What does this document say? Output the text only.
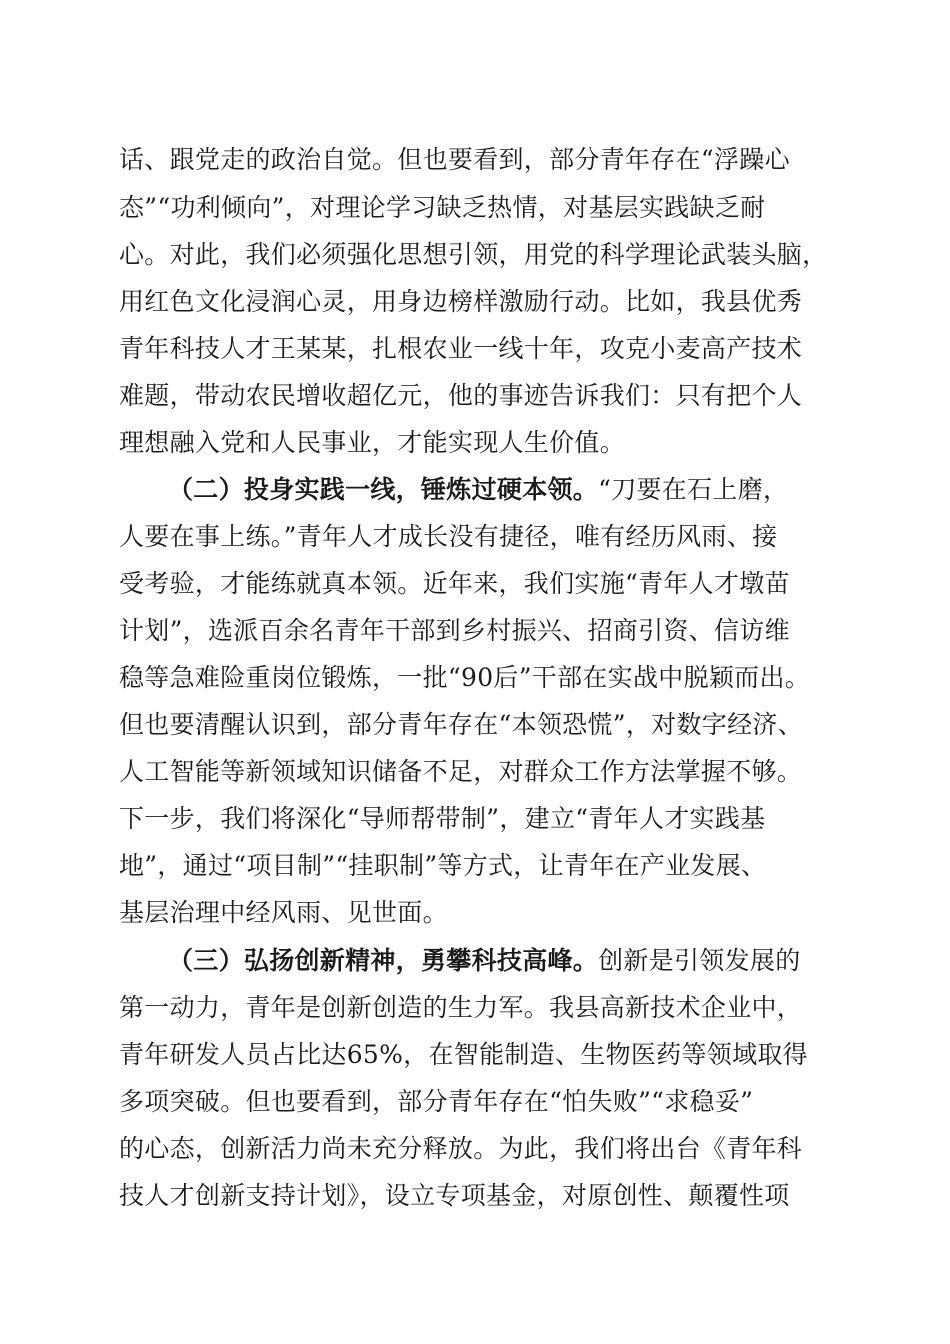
话、跟党走的政治自觉。但也要看到，部分青年存在“浮躁心
态”“功利倾向”，对理论学习缺乏热情，对基层实践缺乏耐
心。对此，我们必须强化思想引领，用党的科学理论武装头脑，
用红色文化浸润心灵，用身边榜样激励行动。比如，我县优秀
青年科技人才王某某，扎根农业一线十年，攻克小麦高产技术
难题，带动农民增收超亿元，他的事迹告诉我们：只有把个人
理想融入党和人民事业，才能实现人生价值。
（二）投身实践一线，锤炼过硬本领。“刀要在石上磨，
人要在事上练。”青年人才成长没有捷径，唯有经历风雨、接
受考验，才能练就真本领。近年来，我们实施“青年人才墩苗
计划”，选派百余名青年干部到乡村振兴、招商引资、信访维
稳等急难险重岗位锻炼，一批“90后”干部在实战中脱颖而出。
但也要清醒认识到，部分青年存在“本领恐慌”，对数字经济、
人工智能等新领域知识储备不足，对群众工作方法掌握不够。
下一步，我们将深化“导师帮带制”，建立“青年人才实践基
地”，通过“项目制”“挂职制”等方式，让青年在产业发展、
基层治理中经风雨、见世面。
（三）弘扬创新精神，勇攀科技高峰。创新是引领发展的
第一动力，青年是创新创造的生力军。我县高新技术企业中，
青年研发人员占比达65%，在智能制造、生物医药等领域取得
多项突破。但也要看到，部分青年存在“怕失败”“求稳妥”
的心态，创新活力尚未充分释放。为此，我们将出台《青年科
技人才创新支持计划》，设立专项基金，对原创性、颠覆性项
